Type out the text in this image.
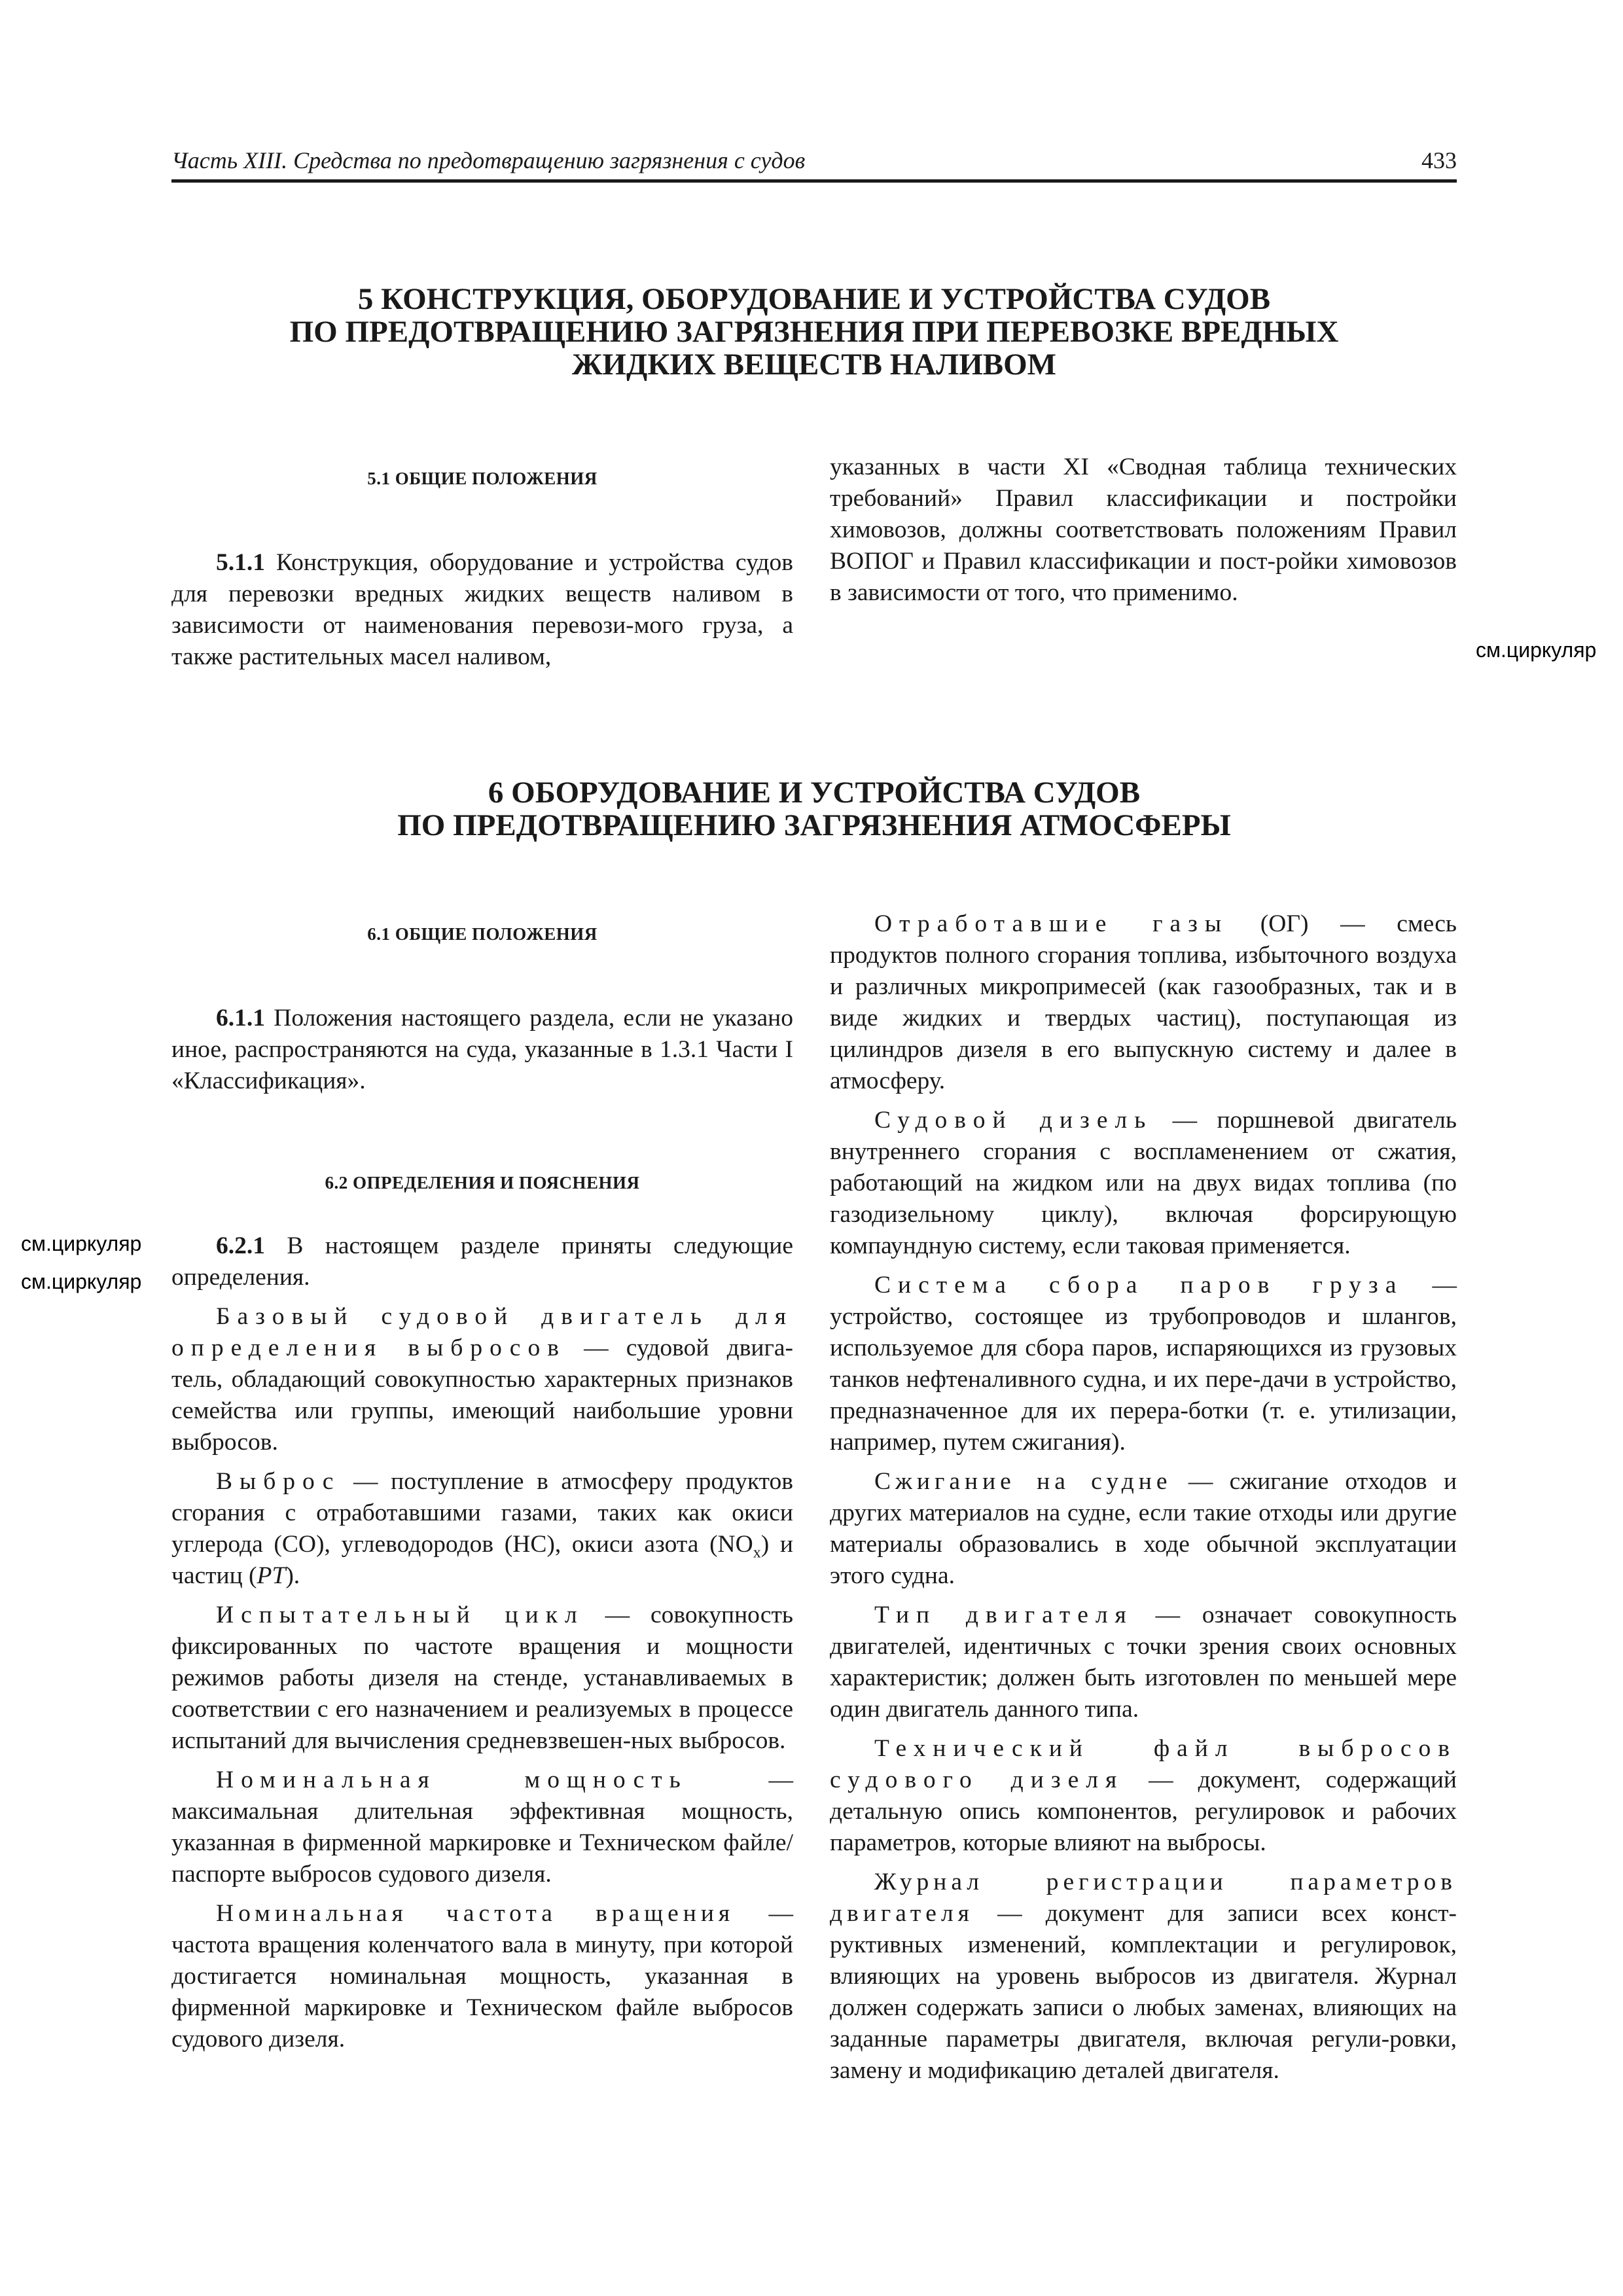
Часть XIII. Средства по предотвращению загрязнения с судов	433
5 КОНСТРУКЦИЯ, ОБОРУДОВАНИЕ И УСТРОЙСТВА СУДОВ
ПО ПРЕДОТВРАЩЕНИЮ ЗАГРЯЗНЕНИЯ ПРИ ПЕРЕВОЗКЕ ВРЕДНЫХ
ЖИДКИХ ВЕЩЕСТВ НАЛИВОМ
5.1 ОБЩИЕ ПОЛОЖЕНИЯ

5.1.1 Конструкция, оборудование и устройства судов для перевозки вредных жидких веществ наливом в зависимости от наименования перевози-мого груза, а также растительных масел наливом,

указанных в части XI «Сводная таблица технических требований» Правил классификации и постройки химовозов, должны соответствовать положениям Правил ВОПОГ и Правил классификации и пост-ройки химовозов в зависимости от того, что применимо.

см.циркуляр
6 ОБОРУДОВАНИЕ И УСТРОЙСТВА СУДОВ
ПО ПРЕДОТВРАЩЕНИЮ ЗАГРЯЗНЕНИЯ АТМОСФЕРЫ
6.1 ОБЩИЕ ПОЛОЖЕНИЯ

6.1.1 Положения настоящего раздела, если не указано иное, распространяются на суда, указанные в 1.3.1 Части I «Классификация».

6.2 ОПРЕДЕЛЕНИЯ И ПОЯСНЕНИЯ

6.2.1 В настоящем разделе приняты следующие определения.

Базовый судовой двигатель для определения выбросов — судовой двига-тель, обладающий совокупностью характерных признаков семейства или группы, имеющий наибольшие уровни выбросов.

Выброс — поступление в атмосферу продуктов сгорания с отработавшими газами, таких как окиси углерода (CO), углеводородов (HC), окиси азота $(NO_x)$ и частиц (PT).

Испытательный цикл — совокупность фиксированных по частоте вращения и мощности режимов работы дизеля на стенде, устанавливаемых в соответствии с его назначением и реализуемых в процессе испытаний для вычисления средневзвешен-ных выбросов.

Номинальная мощность — максимальная длительная эффективная мощность, указанная в фирменной маркировке и Техническом файле/паспорте выбросов судового дизеля.

Номинальная частота вращения — частота вращения коленчатого вала в минуту, при которой достигается номинальная мощность, указанная в фирменной маркировке и Техническом файле выбросов судового дизеля.

см.циркуляр
см.циркуляр

Отработавшие газы (ОГ) — смесь продуктов полного сгорания топлива, избыточного воздуха и различных микропримесей (как газообразных, так и в виде жидких и твердых частиц), поступающая из цилиндров дизеля в его выпускную систему и далее в атмосферу.

Судовой дизель — поршневой двигатель внутреннего сгорания с воспламенением от сжатия, работающий на жидком или на двух видах топлива (по газодизельному циклу), включая форсирующую компаундную систему, если таковая применяется.

Система сбора паров груза — устройство, состоящее из трубопроводов и шлангов, используемое для сбора паров, испаряющихся из грузовых танков нефтеналивного судна, и их пере-дачи в устройство, предназначенное для их перера-ботки (т. е. утилизации, например, путем сжигания).

Сжигание на судне — сжигание отходов и других материалов на судне, если такие отходы или другие материалы образовались в ходе обычной эксплуатации этого судна.

Тип двигателя — означает совокупность двигателей, идентичных с точки зрения своих основных характеристик; должен быть изготовлен по меньшей мере один двигатель данного типа.

Технический файл выбросов судового дизеля — документ, содержащий детальную опись компонентов, регулировок и рабочих параметров, которые влияют на выбросы.

Журнал регистрации параметров двигателя — документ для записи всех конст-руктивных изменений, комплектации и регулировок, влияющих на уровень выбросов из двигателя. Журнал должен содержать записи о любых заменах, влияющих на заданные параметры двигателя, включая регули-ровки, замену и модификацию деталей двигателя.
